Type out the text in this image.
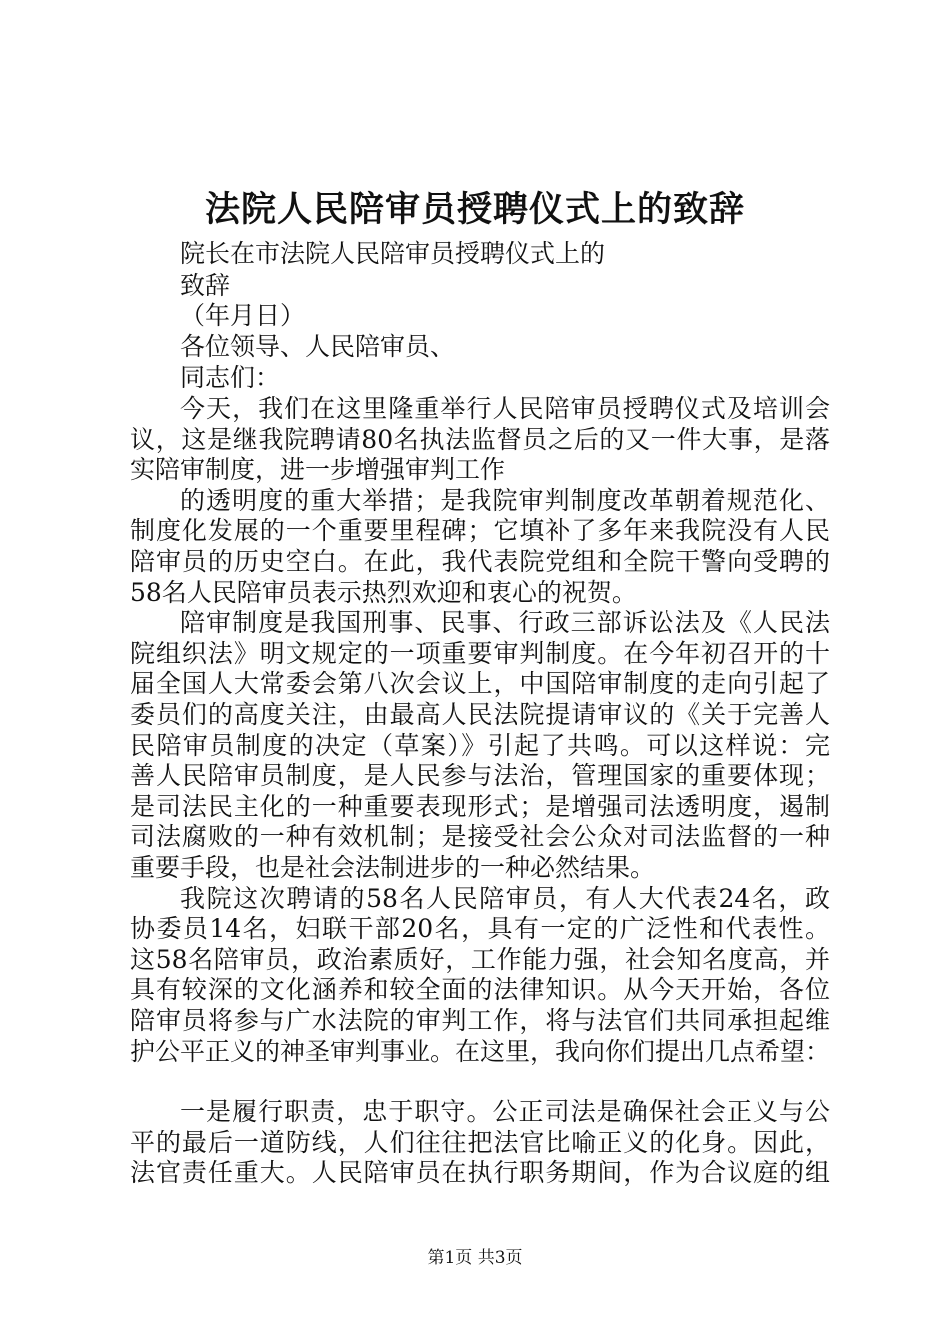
法院人民陪审员授聘仪式上的致辞
院长在市法院人民陪审员授聘仪式上的
致辞
（年月日）
各位领导、人民陪审员、
同志们：
今天，我们在这里隆重举行人民陪审员授聘仪式及培训会
议，这是继我院聘请80名执法监督员之后的又一件大事，是落
实陪审制度，进一步增强审判工作
的透明度的重大举措；是我院审判制度改革朝着规范化、
制度化发展的一个重要里程碑；它填补了多年来我院没有人民
陪审员的历史空白。在此，我代表院党组和全院干警向受聘的
58名人民陪审员表示热烈欢迎和衷心的祝贺。
陪审制度是我国刑事、民事、行政三部诉讼法及《人民法
院组织法》明文规定的一项重要审判制度。在今年初召开的十
届全国人大常委会第八次会议上，中国陪审制度的走向引起了
委员们的高度关注，由最高人民法院提请审议的《关于完善人
民陪审员制度的决定（草案）》引起了共鸣。可以这样说：完
善人民陪审员制度，是人民参与法治，管理国家的重要体现；
是司法民主化的一种重要表现形式；是增强司法透明度，遏制
司法腐败的一种有效机制；是接受社会公众对司法监督的一种
重要手段，也是社会法制进步的一种必然结果。
我院这次聘请的58名人民陪审员，有人大代表24名，政
协委员14名，妇联干部20名，具有一定的广泛性和代表性。
这58名陪审员，政治素质好，工作能力强，社会知名度高，并
具有较深的文化涵养和较全面的法律知识。从今天开始，各位
陪审员将参与广水法院的审判工作，将与法官们共同承担起维
护公平正义的神圣审判事业。在这里，我向你们提出几点希望：
一是履行职责，忠于职守。公正司法是确保社会正义与公
平的最后一道防线，人们往往把法官比喻正义的化身。因此，
法官责任重大。人民陪审员在执行职务期间，作为合议庭的组
第1页 共3页
